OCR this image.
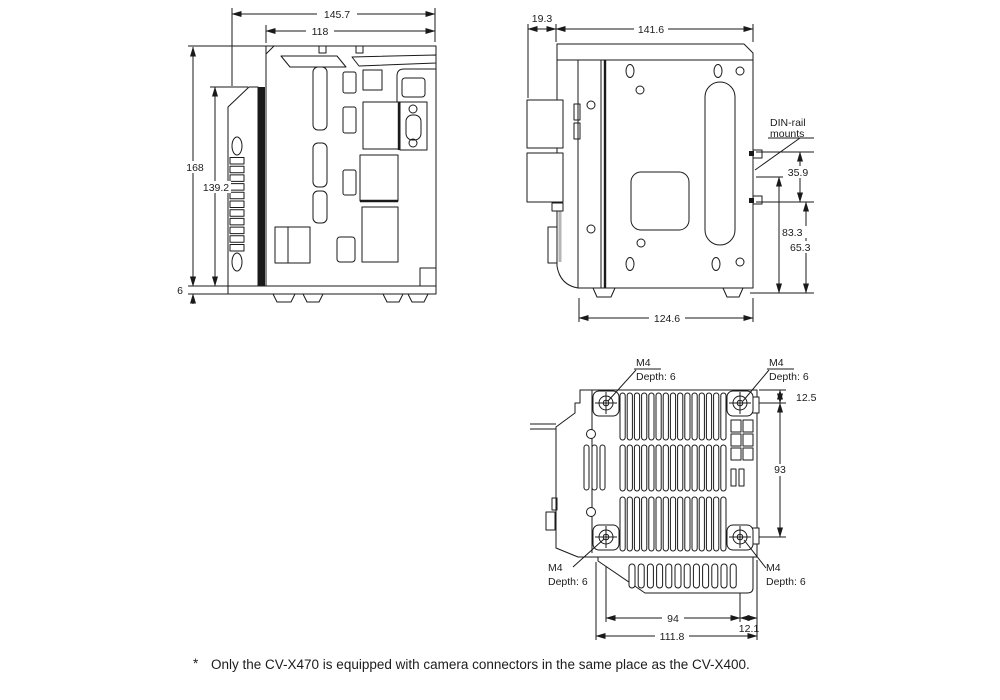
145.7
118
168
139.2
6
19.3
141.6
124.6
35.9
83.3
65.3
DIN-rail
mounts
12.5
93
94
12.1
111.8
M4
Depth: 6
M4
Depth: 6
M4
Depth: 6
M4
Depth: 6
* Only the CV-X470 is equipped with camera connectors in the same place as the CV-X400.
